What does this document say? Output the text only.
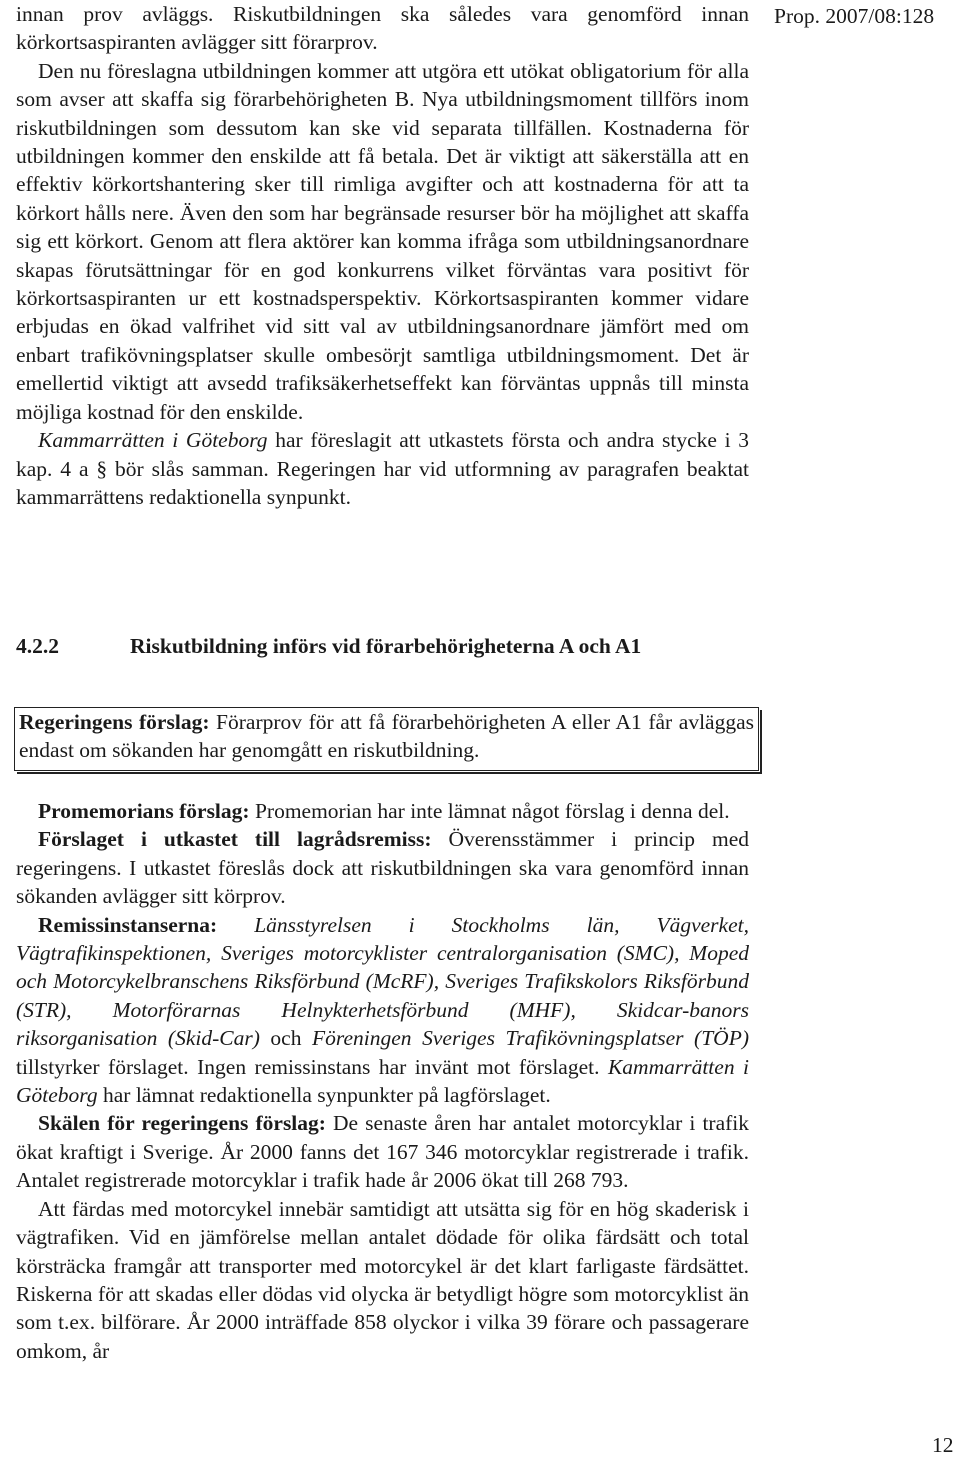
Prop. 2007/08:128

innan prov avläggs. Riskutbildningen ska således vara genomförd innan körkortsaspiranten avlägger sitt förarprov.

Den nu föreslagna utbildningen kommer att utgöra ett utökat obligatorium för alla som avser att skaffa sig förarbehörigheten B. Nya utbildningsmoment tillförs inom riskutbildningen som dessutom kan ske vid separata tillfällen. Kostnaderna för utbildningen kommer den enskilde att få betala. Det är viktigt att säkerställa att en effektiv körkortshantering sker till rimliga avgifter och att kostnaderna för att ta körkort hålls nere. Även den som har begränsade resurser bör ha möjlighet att skaffa sig ett körkort. Genom att flera aktörer kan komma ifråga som utbildningsanordnare skapas förutsättningar för en god konkurrens vilket förväntas vara positivt för körkortsaspiranten ur ett kostnadsperspektiv. Körkortsaspiranten kommer vidare erbjudas en ökad valfrihet vid sitt val av utbildningsanordnare jämfört med om enbart trafikövningsplatser skulle ombesörjt samtliga utbildningsmoment. Det är emellertid viktigt att avsedd trafiksäkerhetseffekt kan förväntas uppnås till minsta möjliga kostnad för den enskilde.

Kammarrätten i Göteborg har föreslagit att utkastets första och andra stycke i 3 kap. 4 a § bör slås samman. Regeringen har vid utformning av paragrafen beaktat kammarrättens redaktionella synpunkt.

4.2.2	Riskutbildning införs vid förarbehörigheterna A och A1

Regeringens förslag: Förarprov för att få förarbehörigheten A eller A1 får avläggas endast om sökanden har genomgått en riskutbildning.

Promemorians förslag: Promemorian har inte lämnat något förslag i denna del.

Förslaget i utkastet till lagrådsremiss: Överensstämmer i princip med regeringens. I utkastet föreslås dock att riskutbildningen ska vara genomförd innan sökanden avlägger sitt körprov.

Remissinstanserna: Länsstyrelsen i Stockholms län, Vägverket, Vägtrafikinspektionen, Sveriges motorcyklister centralorganisation (SMC), Moped och Motorcykelbranschens Riksförbund (McRF), Sveriges Trafikskolors Riksförbund (STR), Motorförarnas Helnykterhetsförbund (MHF), Skidcar-banors riksorganisation (Skid-Car) och Föreningen Sveriges Trafikövningsplatser (TÖP) tillstyrker förslaget. Ingen remissinstans har invänt mot förslaget. Kammarrätten i Göteborg har lämnat redaktionella synpunkter på lagförslaget.

Skälen för regeringens förslag: De senaste åren har antalet motorcyklar i trafik ökat kraftigt i Sverige. År 2000 fanns det 167 346 motorcyklar registrerade i trafik. Antalet registrerade motorcyklar i trafik hade år 2006 ökat till 268 793.

Att färdas med motorcykel innebär samtidigt att utsätta sig för en hög skaderisk i vägtrafiken. Vid en jämförelse mellan antalet dödade för olika färdsätt och total körsträcka framgår att transporter med motorcykel är det klart farligaste färdsättet. Riskerna för att skadas eller dödas vid olycka är betydligt högre som motorcyklist än som t.ex. bilförare. År 2000 inträffade 858 olyckor i vilka 39 förare och passagerare omkom, år

12
